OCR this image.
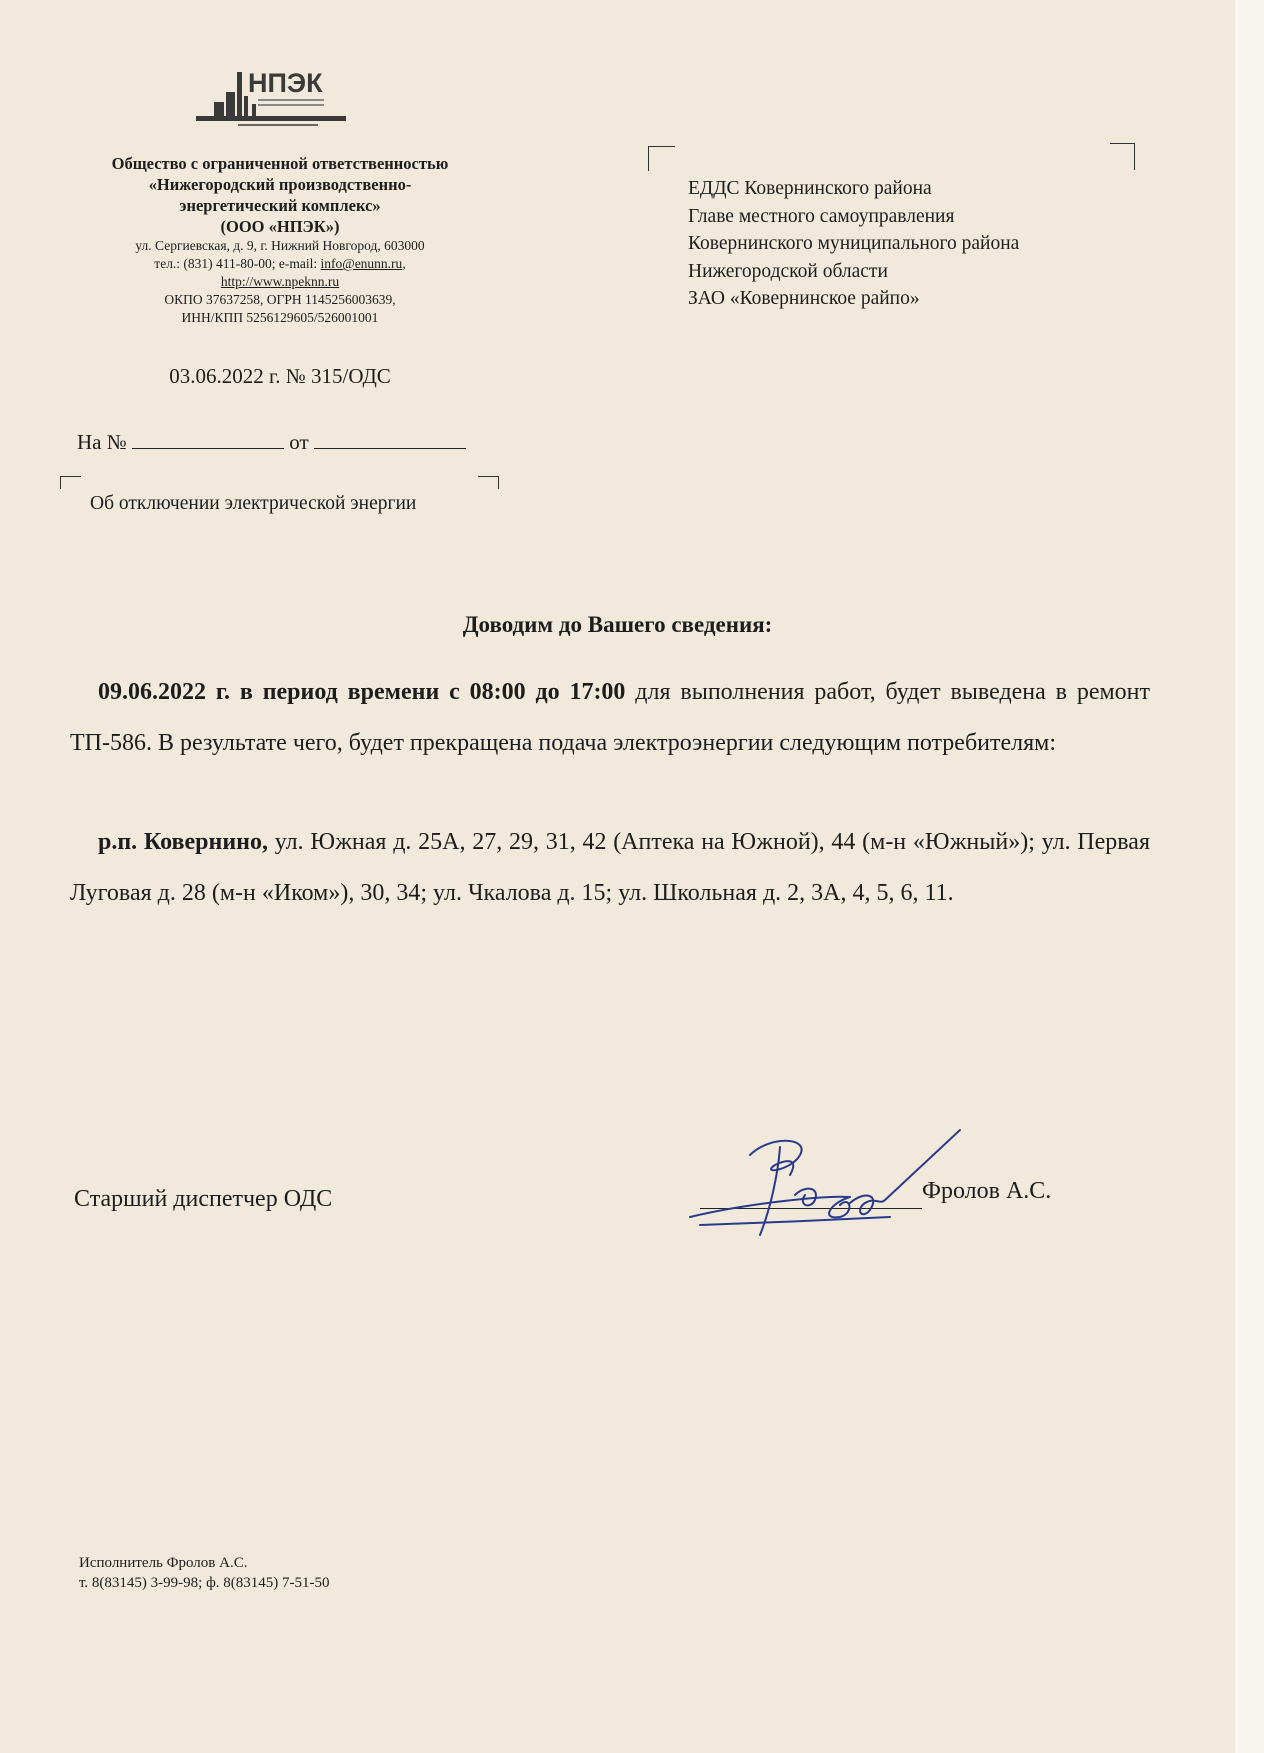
НПЭК
Общество с ограниченной ответственностью
«Нижегородский производственно-
энергетический комплекс»
(ООО «НПЭК»)
ул. Сергиевская, д. 9, г. Нижний Новгород, 603000
тел.: (831) 411-80-00; e-mail: info@enunn.ru,
http://www.npeknn.ru
ОКПО 37637258, ОГРН 1145256003639,
ИНН/КПП 5256129605/526001001
03.06.2022 г. № 315/ОДС
На №	от
Об отключении электрической энергии
ЕДДС Ковернинского района
Главе местного самоуправления
Ковернинского муниципального района
Нижегородской области
ЗАО «Ковернинское райпо»
Доводим до Вашего сведения:
09.06.2022 г. в период времени с 08:00 до 17:00 для выполнения работ, будет выведена в ремонт ТП-586. В результате чего, будет прекращена подача электроэнергии следующим потребителям:
р.п. Ковернино, ул. Южная д. 25А, 27, 29, 31, 42 (Аптека на Южной), 44 (м-н «Южный»); ул. Первая Луговая д. 28 (м-н «Иком»), 30, 34; ул. Чкалова д. 15; ул. Школьная д. 2, 3А, 4, 5, 6, 11.
Старший диспетчер ОДС	Фролов А.С.
Исполнитель Фролов А.С.
т. 8(83145) 3-99-98; ф. 8(83145) 7-51-50
